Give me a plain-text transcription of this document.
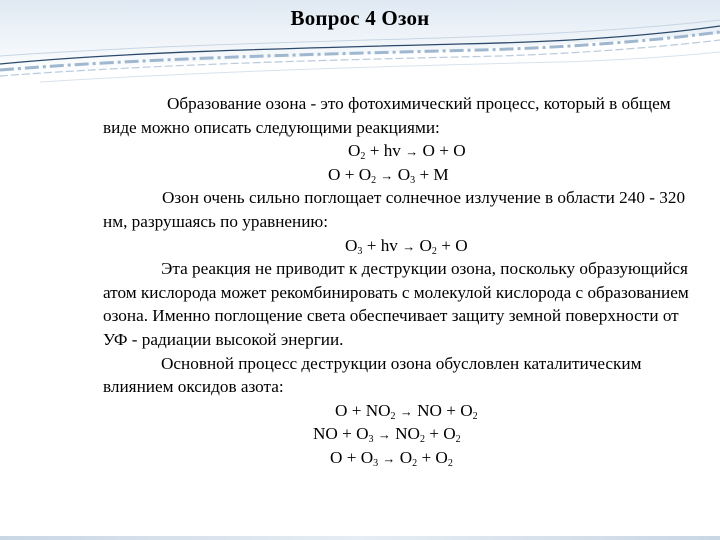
Вопрос 4 Озон

Образование озона - это фотохимический процесс, который в общем виде можно описать следующими реакциями:

$O_2$ + hv → O + O
$O + O_2 \to O_3 + M$

Озон очень сильно поглощает солнечное излучение в области 240 - 320 нм, разрушаясь по уравнению:

$O_3$ + hv → $O_2 + O$

Эта реакция не приводит к деструкции озона, поскольку образующийся атом кислорода может рекомбинировать с молекулой кислорода с образованием озона. Именно поглощение света обеспечивает защиту земной поверхности от УФ - радиации высокой энергии.

Основной процесс деструкции озона обусловлен каталитическим влиянием оксидов азота:

$O + NO_2$ → NO + $O_2$
NO + $O_3 \to NO_2 + O_2$
$O + O_3 \to O_2 + O_2$
